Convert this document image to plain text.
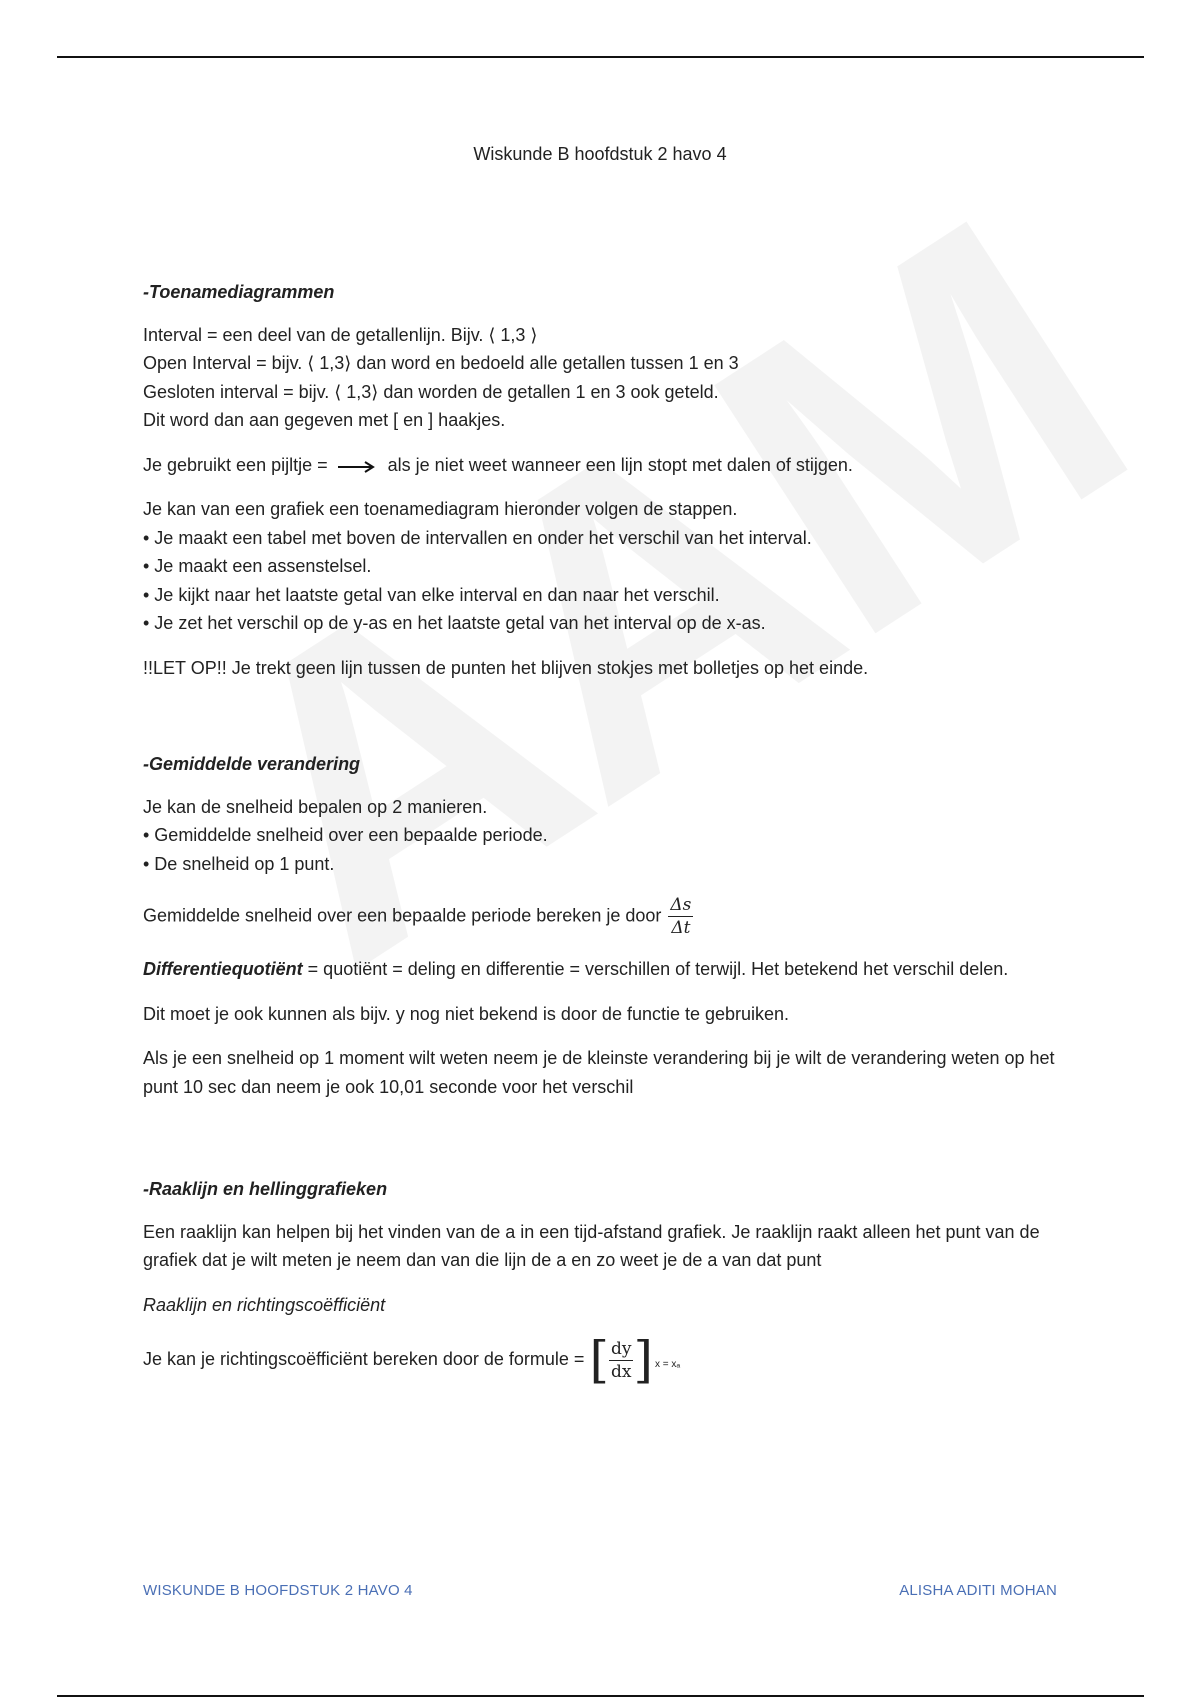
Wiskunde B hoofdstuk 2 havo 4

-Toenamediagrammen

Interval = een deel van de getallenlijn. Bijv. ⟨ 1,3 ⟩
Open Interval = bijv. ⟨ 1,3⟩ dan word en bedoeld alle getallen tussen 1 en 3
Gesloten interval = bijv. ⟨ 1,3⟩ dan worden de getallen 1 en 3 ook geteld.
Dit word dan aan gegeven met [ en ] haakjes.

Je gebruikt een pijltje =	als je niet weet wanneer een lijn stopt met dalen of stijgen.

Je kan van een grafiek een toenamediagram hieronder volgen de stappen.
• Je maakt een tabel met boven de intervallen en onder het verschil van het interval.
• Je maakt een assenstelsel.
• Je kijkt naar het laatste getal van elke interval en dan naar het verschil.
• Je zet het verschil op de y-as en het laatste getal van het interval op de x-as.

!!LET OP!! Je trekt geen lijn tussen de punten het blijven stokjes met bolletjes op het einde.

-Gemiddelde verandering

Je kan de snelheid bepalen op 2 manieren.
• Gemiddelde snelheid over een bepaalde periode.
• De snelheid op 1 punt.

Gemiddelde snelheid over een bepaalde periode bereken je door $\frac{\Delta s}{\Delta t}$

Differentiequotiënt = quotiënt = deling en differentie = verschillen of terwijl. Het betekend het verschil delen.

Dit moet je ook kunnen als bijv. y nog niet bekend is door de functie te gebruiken.

Als je een snelheid op 1 moment wilt weten neem je de kleinste verandering bij je wilt de verandering weten op het punt 10 sec dan neem je ook 10,01 seconde voor het verschil

-Raaklijn en hellinggrafieken

Een raaklijn kan helpen bij het vinden van de a in een tijd-afstand grafiek. Je raaklijn raakt alleen het punt van de grafiek dat je wilt meten je neem dan van die lijn de a en zo weet je de a van dat punt

Raaklijn en richtingscoëfficiënt

Je kan je richtingscoëfficiënt bereken door de formule = [ $\frac{dy}{dx}$ ] x = xₐ

WISKUNDE B HOOFDSTUK 2 HAVO 4	ALISHA ADITI MOHAN
